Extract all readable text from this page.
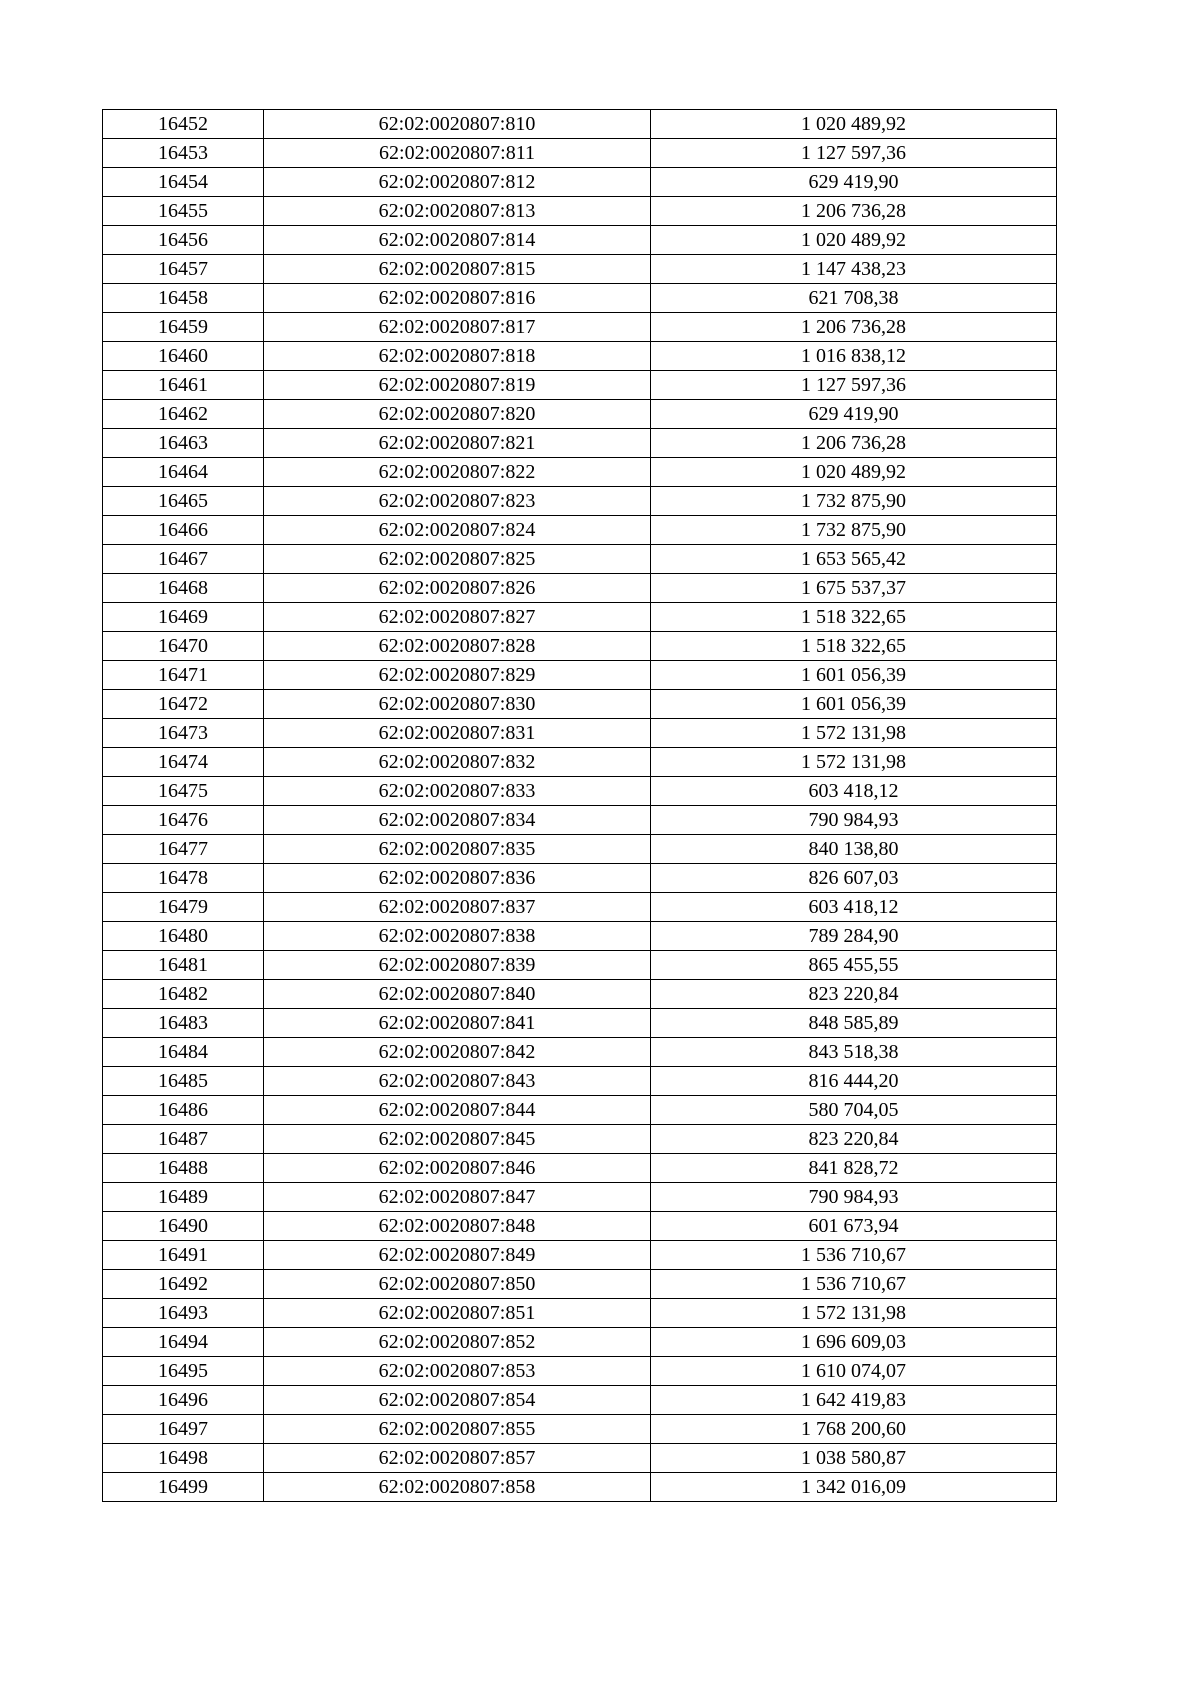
16452	62:02:0020807:810	1 020 489,92
16453	62:02:0020807:811	1 127 597,36
16454	62:02:0020807:812	629 419,90
16455	62:02:0020807:813	1 206 736,28
16456	62:02:0020807:814	1 020 489,92
16457	62:02:0020807:815	1 147 438,23
16458	62:02:0020807:816	621 708,38
16459	62:02:0020807:817	1 206 736,28
16460	62:02:0020807:818	1 016 838,12
16461	62:02:0020807:819	1 127 597,36
16462	62:02:0020807:820	629 419,90
16463	62:02:0020807:821	1 206 736,28
16464	62:02:0020807:822	1 020 489,92
16465	62:02:0020807:823	1 732 875,90
16466	62:02:0020807:824	1 732 875,90
16467	62:02:0020807:825	1 653 565,42
16468	62:02:0020807:826	1 675 537,37
16469	62:02:0020807:827	1 518 322,65
16470	62:02:0020807:828	1 518 322,65
16471	62:02:0020807:829	1 601 056,39
16472	62:02:0020807:830	1 601 056,39
16473	62:02:0020807:831	1 572 131,98
16474	62:02:0020807:832	1 572 131,98
16475	62:02:0020807:833	603 418,12
16476	62:02:0020807:834	790 984,93
16477	62:02:0020807:835	840 138,80
16478	62:02:0020807:836	826 607,03
16479	62:02:0020807:837	603 418,12
16480	62:02:0020807:838	789 284,90
16481	62:02:0020807:839	865 455,55
16482	62:02:0020807:840	823 220,84
16483	62:02:0020807:841	848 585,89
16484	62:02:0020807:842	843 518,38
16485	62:02:0020807:843	816 444,20
16486	62:02:0020807:844	580 704,05
16487	62:02:0020807:845	823 220,84
16488	62:02:0020807:846	841 828,72
16489	62:02:0020807:847	790 984,93
16490	62:02:0020807:848	601 673,94
16491	62:02:0020807:849	1 536 710,67
16492	62:02:0020807:850	1 536 710,67
16493	62:02:0020807:851	1 572 131,98
16494	62:02:0020807:852	1 696 609,03
16495	62:02:0020807:853	1 610 074,07
16496	62:02:0020807:854	1 642 419,83
16497	62:02:0020807:855	1 768 200,60
16498	62:02:0020807:857	1 038 580,87
16499	62:02:0020807:858	1 342 016,09
